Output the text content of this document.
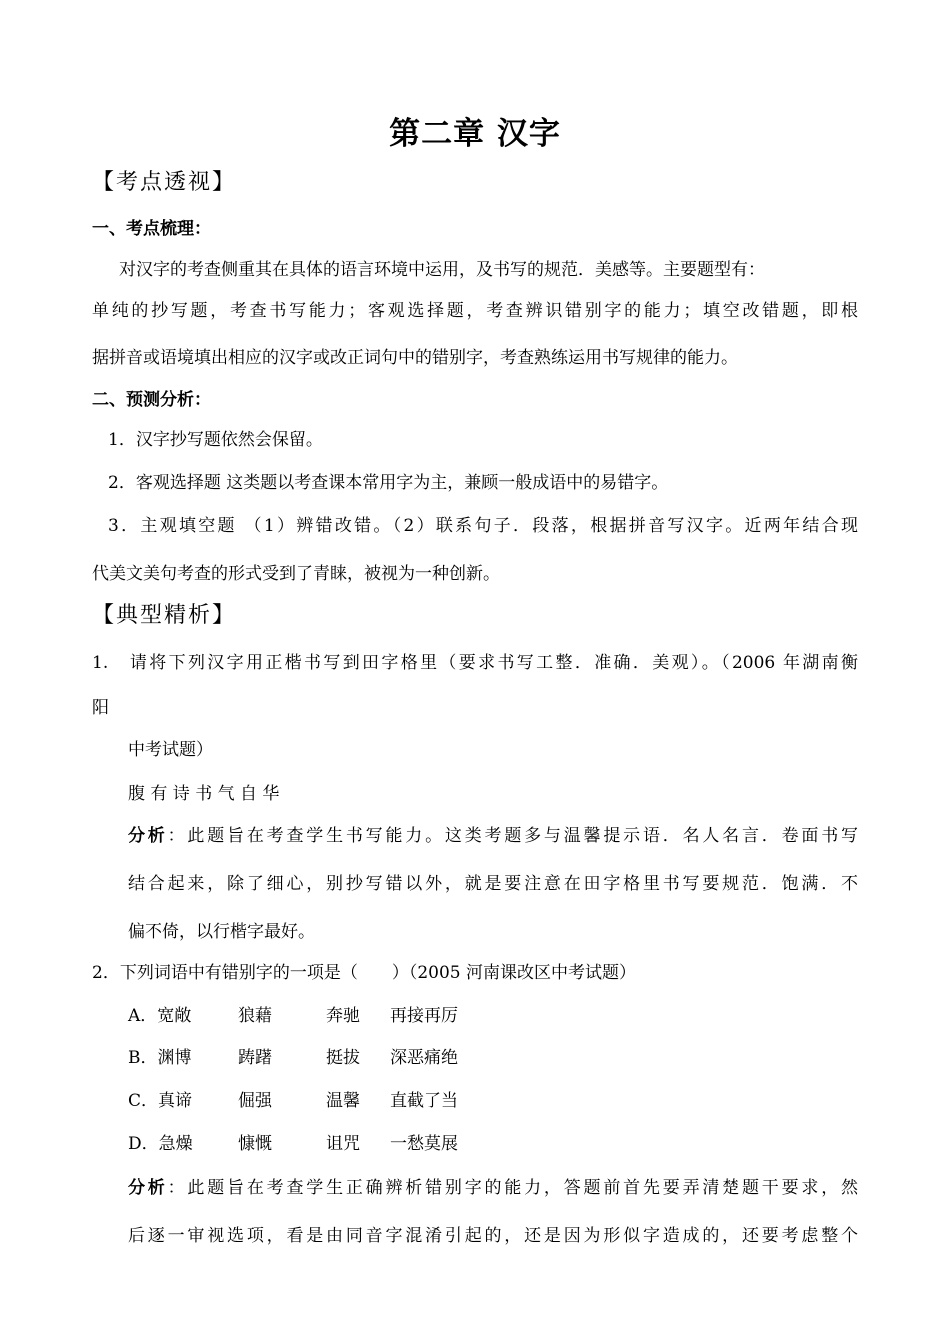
第二章 汉字
【考点透视】
一、考点梳理：
对汉字的考查侧重其在具体的语言环境中运用，及书写的规范．美感等。主要题型有：
单纯的抄写题，考查书写能力；客观选择题，考查辨识错别字的能力；填空改错题，即根
据拼音或语境填出相应的汉字或改正词句中的错别字，考查熟练运用书写规律的能力。
二、预测分析：
1．汉字抄写题依然会保留。
2．客观选择题 这类题以考查课本常用字为主，兼顾一般成语中的易错字。
3．主观填空题 （1）辨错改错。（2）联系句子．段落，根据拼音写汉字。近两年结合现
代美文美句考查的形式受到了青睐，被视为一种创新。
【典型精析】
1.　请将下列汉字用正楷书写到田字格里（要求书写工整．准确．美观）。（2006 年湖南衡
阳
中考试题）
腹 有 诗 书 气 自 华
分析：此题旨在考查学生书写能力。这类考题多与温馨提示语．名人名言．卷面书写
结合起来，除了细心，别抄写错以外，就是要注意在田字格里书写要规范．饱满．不
偏不倚，以行楷字最好。
2．下列词语中有错别字的一项是（　　）（2005 河南课改区中考试题）
A．宽敞	狼藉	奔驰 再接再厉
B．渊博	踌躇	挺拔 深恶痛绝
C．真谛	倔强	温馨 直截了当
D．急燥	慷慨	诅咒 一愁莫展
分析：此题旨在考查学生正确辨析错别字的能力，答题前首先要弄清楚题干要求，然
后逐一审视选项，看是由同音字混淆引起的，还是因为形似字造成的，还要考虑整个
